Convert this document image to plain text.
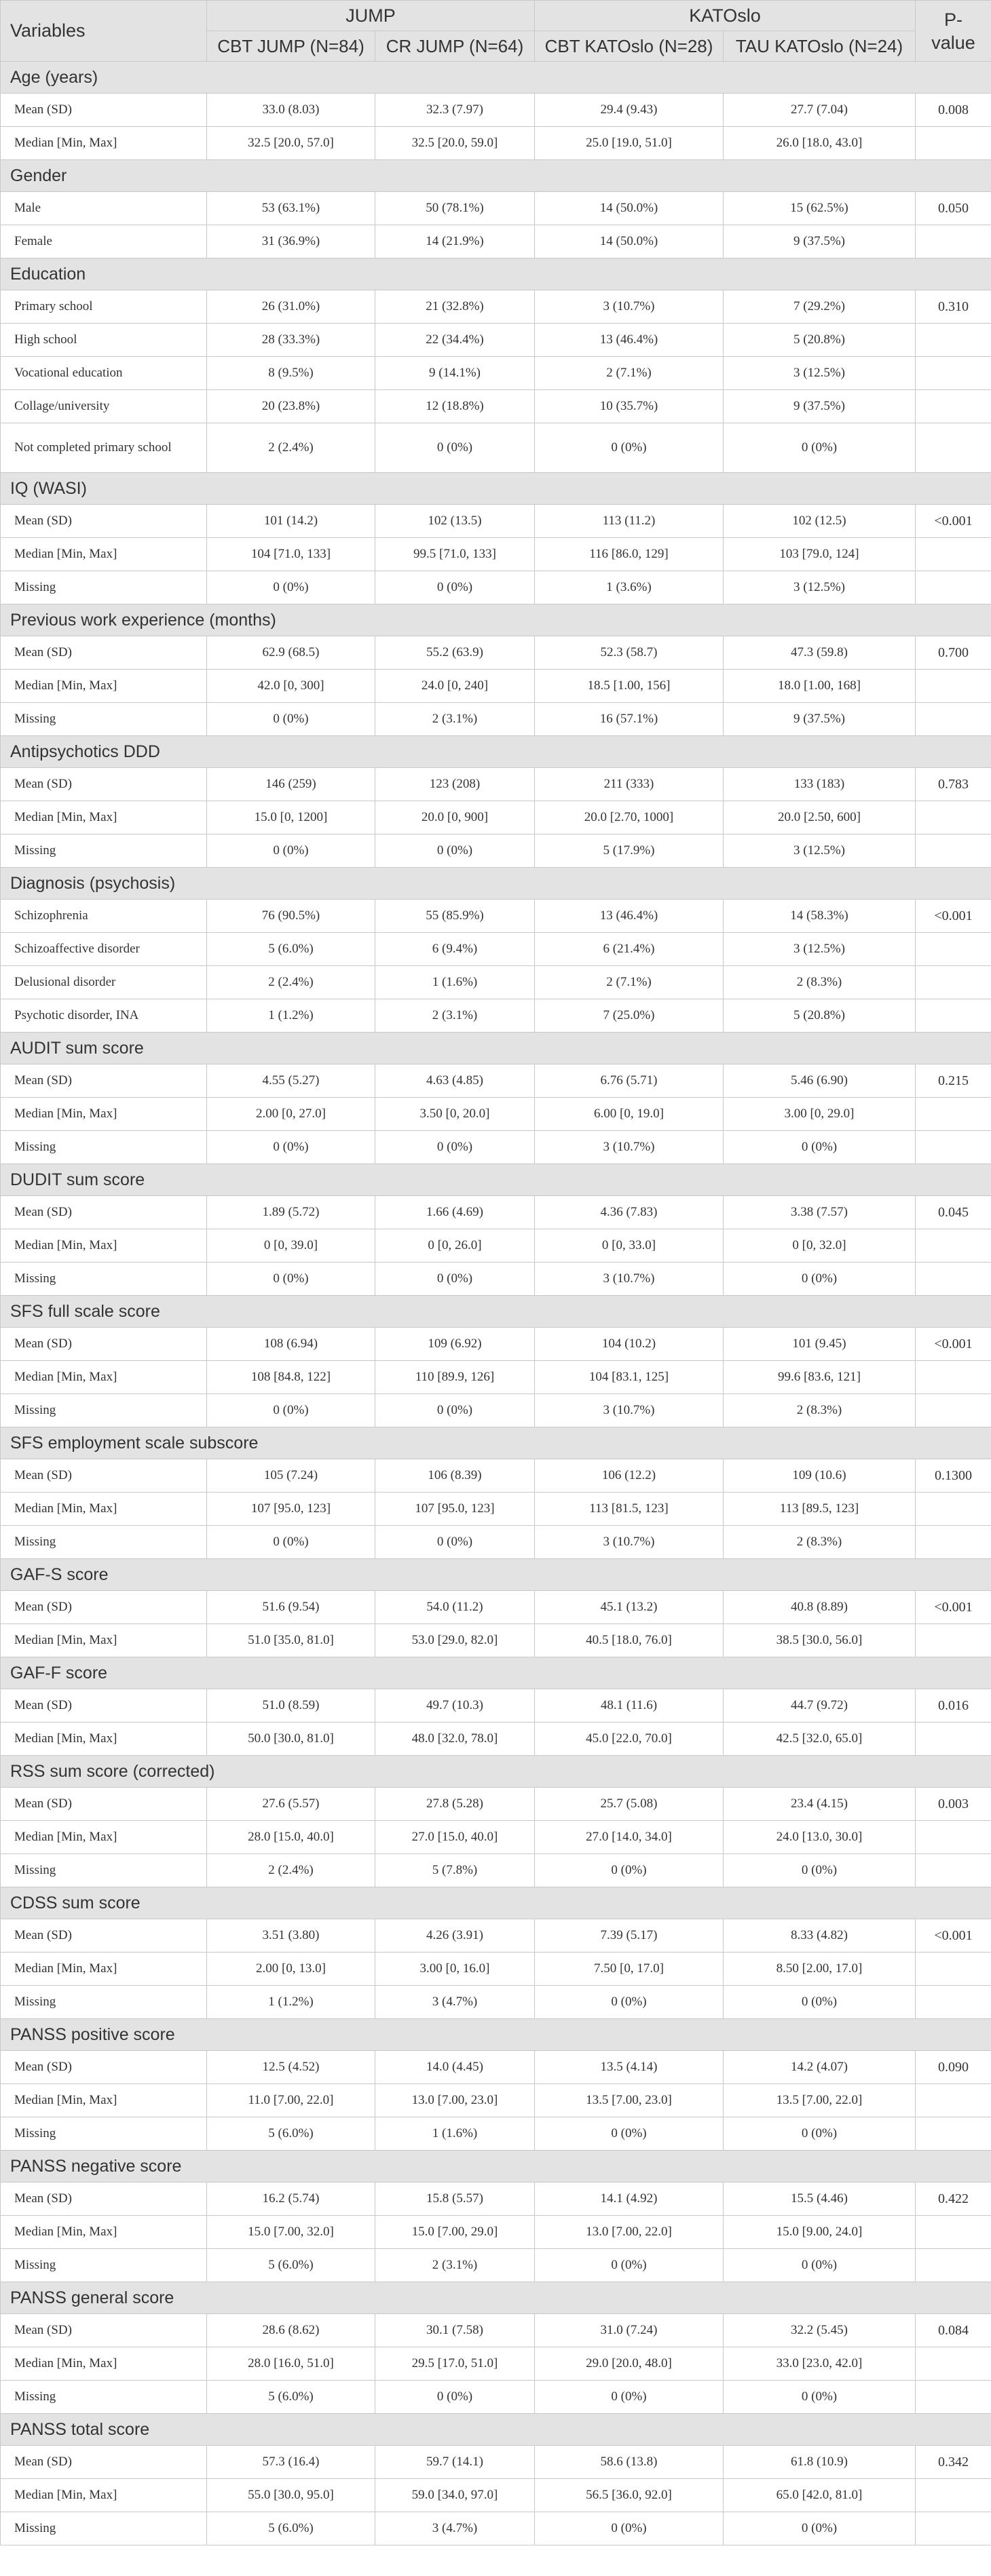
Variables	JUMP		KATOslo		P-
value
	CBT JUMP (N=84)	CR JUMP (N=64)	CBT KATOslo (N=28)	TAU KATOslo (N=24)	
Age (years)					
Mean (SD)	33.0 (8.03)	32.3 (7.97)	29.4 (9.43)	27.7 (7.04)	0.008
Median [Min, Max]	32.5 [20.0, 57.0]	32.5 [20.0, 59.0]	25.0 [19.0, 51.0]	26.0 [18.0, 43.0]	
Gender					
Male	53 (63.1%)	50 (78.1%)	14 (50.0%)	15 (62.5%)	0.050
Female	31 (36.9%)	14 (21.9%)	14 (50.0%)	9 (37.5%)	
Education					
Primary school	26 (31.0%)	21 (32.8%)	3 (10.7%)	7 (29.2%)	0.310
High school	28 (33.3%)	22 (34.4%)	13 (46.4%)	5 (20.8%)	
Vocational education	8 (9.5%)	9 (14.1%)	2 (7.1%)	3 (12.5%)	
Collage/university	20 (23.8%)	12 (18.8%)	10 (35.7%)	9 (37.5%)	
Not completed primary school	2 (2.4%)	0 (0%)	0 (0%)	0 (0%)	
IQ (WASI)					
Mean (SD)	101 (14.2)	102 (13.5)	113 (11.2)	102 (12.5)	<0.001
Median [Min, Max]	104 [71.0, 133]	99.5 [71.0, 133]	116 [86.0, 129]	103 [79.0, 124]	
Missing	0 (0%)	0 (0%)	1 (3.6%)	3 (12.5%)	
Previous work experience (months)					
Mean (SD)	62.9 (68.5)	55.2 (63.9)	52.3 (58.7)	47.3 (59.8)	0.700
Median [Min, Max]	42.0 [0, 300]	24.0 [0, 240]	18.5 [1.00, 156]	18.0 [1.00, 168]	
Missing	0 (0%)	2 (3.1%)	16 (57.1%)	9 (37.5%)	
Antipsychotics DDD					
Mean (SD)	146 (259)	123 (208)	211 (333)	133 (183)	0.783
Median [Min, Max]	15.0 [0, 1200]	20.0 [0, 900]	20.0 [2.70, 1000]	20.0 [2.50, 600]	
Missing	0 (0%)	0 (0%)	5 (17.9%)	3 (12.5%)	
Diagnosis (psychosis)					
Schizophrenia	76 (90.5%)	55 (85.9%)	13 (46.4%)	14 (58.3%)	<0.001
Schizoaffective disorder	5 (6.0%)	6 (9.4%)	6 (21.4%)	3 (12.5%)	
Delusional disorder	2 (2.4%)	1 (1.6%)	2 (7.1%)	2 (8.3%)	
Psychotic disorder, INA	1 (1.2%)	2 (3.1%)	7 (25.0%)	5 (20.8%)	
AUDIT sum score					
Mean (SD)	4.55 (5.27)	4.63 (4.85)	6.76 (5.71)	5.46 (6.90)	0.215
Median [Min, Max]	2.00 [0, 27.0]	3.50 [0, 20.0]	6.00 [0, 19.0]	3.00 [0, 29.0]	
Missing	0 (0%)	0 (0%)	3 (10.7%)	0 (0%)	
DUDIT sum score					
Mean (SD)	1.89 (5.72)	1.66 (4.69)	4.36 (7.83)	3.38 (7.57)	0.045
Median [Min, Max]	0 [0, 39.0]	0 [0, 26.0]	0 [0, 33.0]	0 [0, 32.0]	
Missing	0 (0%)	0 (0%)	3 (10.7%)	0 (0%)	
SFS full scale score					
Mean (SD)	108 (6.94)	109 (6.92)	104 (10.2)	101 (9.45)	<0.001
Median [Min, Max]	108 [84.8, 122]	110 [89.9, 126]	104 [83.1, 125]	99.6 [83.6, 121]	
Missing	0 (0%)	0 (0%)	3 (10.7%)	2 (8.3%)	
SFS employment scale subscore					
Mean (SD)	105 (7.24)	106 (8.39)	106 (12.2)	109 (10.6)	0.1300
Median [Min, Max]	107 [95.0, 123]	107 [95.0, 123]	113 [81.5, 123]	113 [89.5, 123]	
Missing	0 (0%)	0 (0%)	3 (10.7%)	2 (8.3%)	
GAF-S score					
Mean (SD)	51.6 (9.54)	54.0 (11.2)	45.1 (13.2)	40.8 (8.89)	<0.001
Median [Min, Max]	51.0 [35.0, 81.0]	53.0 [29.0, 82.0]	40.5 [18.0, 76.0]	38.5 [30.0, 56.0]	
GAF-F score					
Mean (SD)	51.0 (8.59)	49.7 (10.3)	48.1 (11.6)	44.7 (9.72)	0.016
Median [Min, Max]	50.0 [30.0, 81.0]	48.0 [32.0, 78.0]	45.0 [22.0, 70.0]	42.5 [32.0, 65.0]	
RSS sum score (corrected)					
Mean (SD)	27.6 (5.57)	27.8 (5.28)	25.7 (5.08)	23.4 (4.15)	0.003
Median [Min, Max]	28.0 [15.0, 40.0]	27.0 [15.0, 40.0]	27.0 [14.0, 34.0]	24.0 [13.0, 30.0]	
Missing	2 (2.4%)	5 (7.8%)	0 (0%)	0 (0%)	
CDSS sum score					
Mean (SD)	3.51 (3.80)	4.26 (3.91)	7.39 (5.17)	8.33 (4.82)	<0.001
Median [Min, Max]	2.00 [0, 13.0]	3.00 [0, 16.0]	7.50 [0, 17.0]	8.50 [2.00, 17.0]	
Missing	1 (1.2%)	3 (4.7%)	0 (0%)	0 (0%)	
PANSS positive score					
Mean (SD)	12.5 (4.52)	14.0 (4.45)	13.5 (4.14)	14.2 (4.07)	0.090
Median [Min, Max]	11.0 [7.00, 22.0]	13.0 [7.00, 23.0]	13.5 [7.00, 23.0]	13.5 [7.00, 22.0]	
Missing	5 (6.0%)	1 (1.6%)	0 (0%)	0 (0%)	
PANSS negative score					
Mean (SD)	16.2 (5.74)	15.8 (5.57)	14.1 (4.92)	15.5 (4.46)	0.422
Median [Min, Max]	15.0 [7.00, 32.0]	15.0 [7.00, 29.0]	13.0 [7.00, 22.0]	15.0 [9.00, 24.0]	
Missing	5 (6.0%)	2 (3.1%)	0 (0%)	0 (0%)	
PANSS general score					
Mean (SD)	28.6 (8.62)	30.1 (7.58)	31.0 (7.24)	32.2 (5.45)	0.084
Median [Min, Max]	28.0 [16.0, 51.0]	29.5 [17.0, 51.0]	29.0 [20.0, 48.0]	33.0 [23.0, 42.0]	
Missing	5 (6.0%)	0 (0%)	0 (0%)	0 (0%)	
PANSS total score					
Mean (SD)	57.3 (16.4)	59.7 (14.1)	58.6 (13.8)	61.8 (10.9)	0.342
Median [Min, Max]	55.0 [30.0, 95.0]	59.0 [34.0, 97.0]	56.5 [36.0, 92.0]	65.0 [42.0, 81.0]	
Missing	5 (6.0%)	3 (4.7%)	0 (0%)	0 (0%)	
